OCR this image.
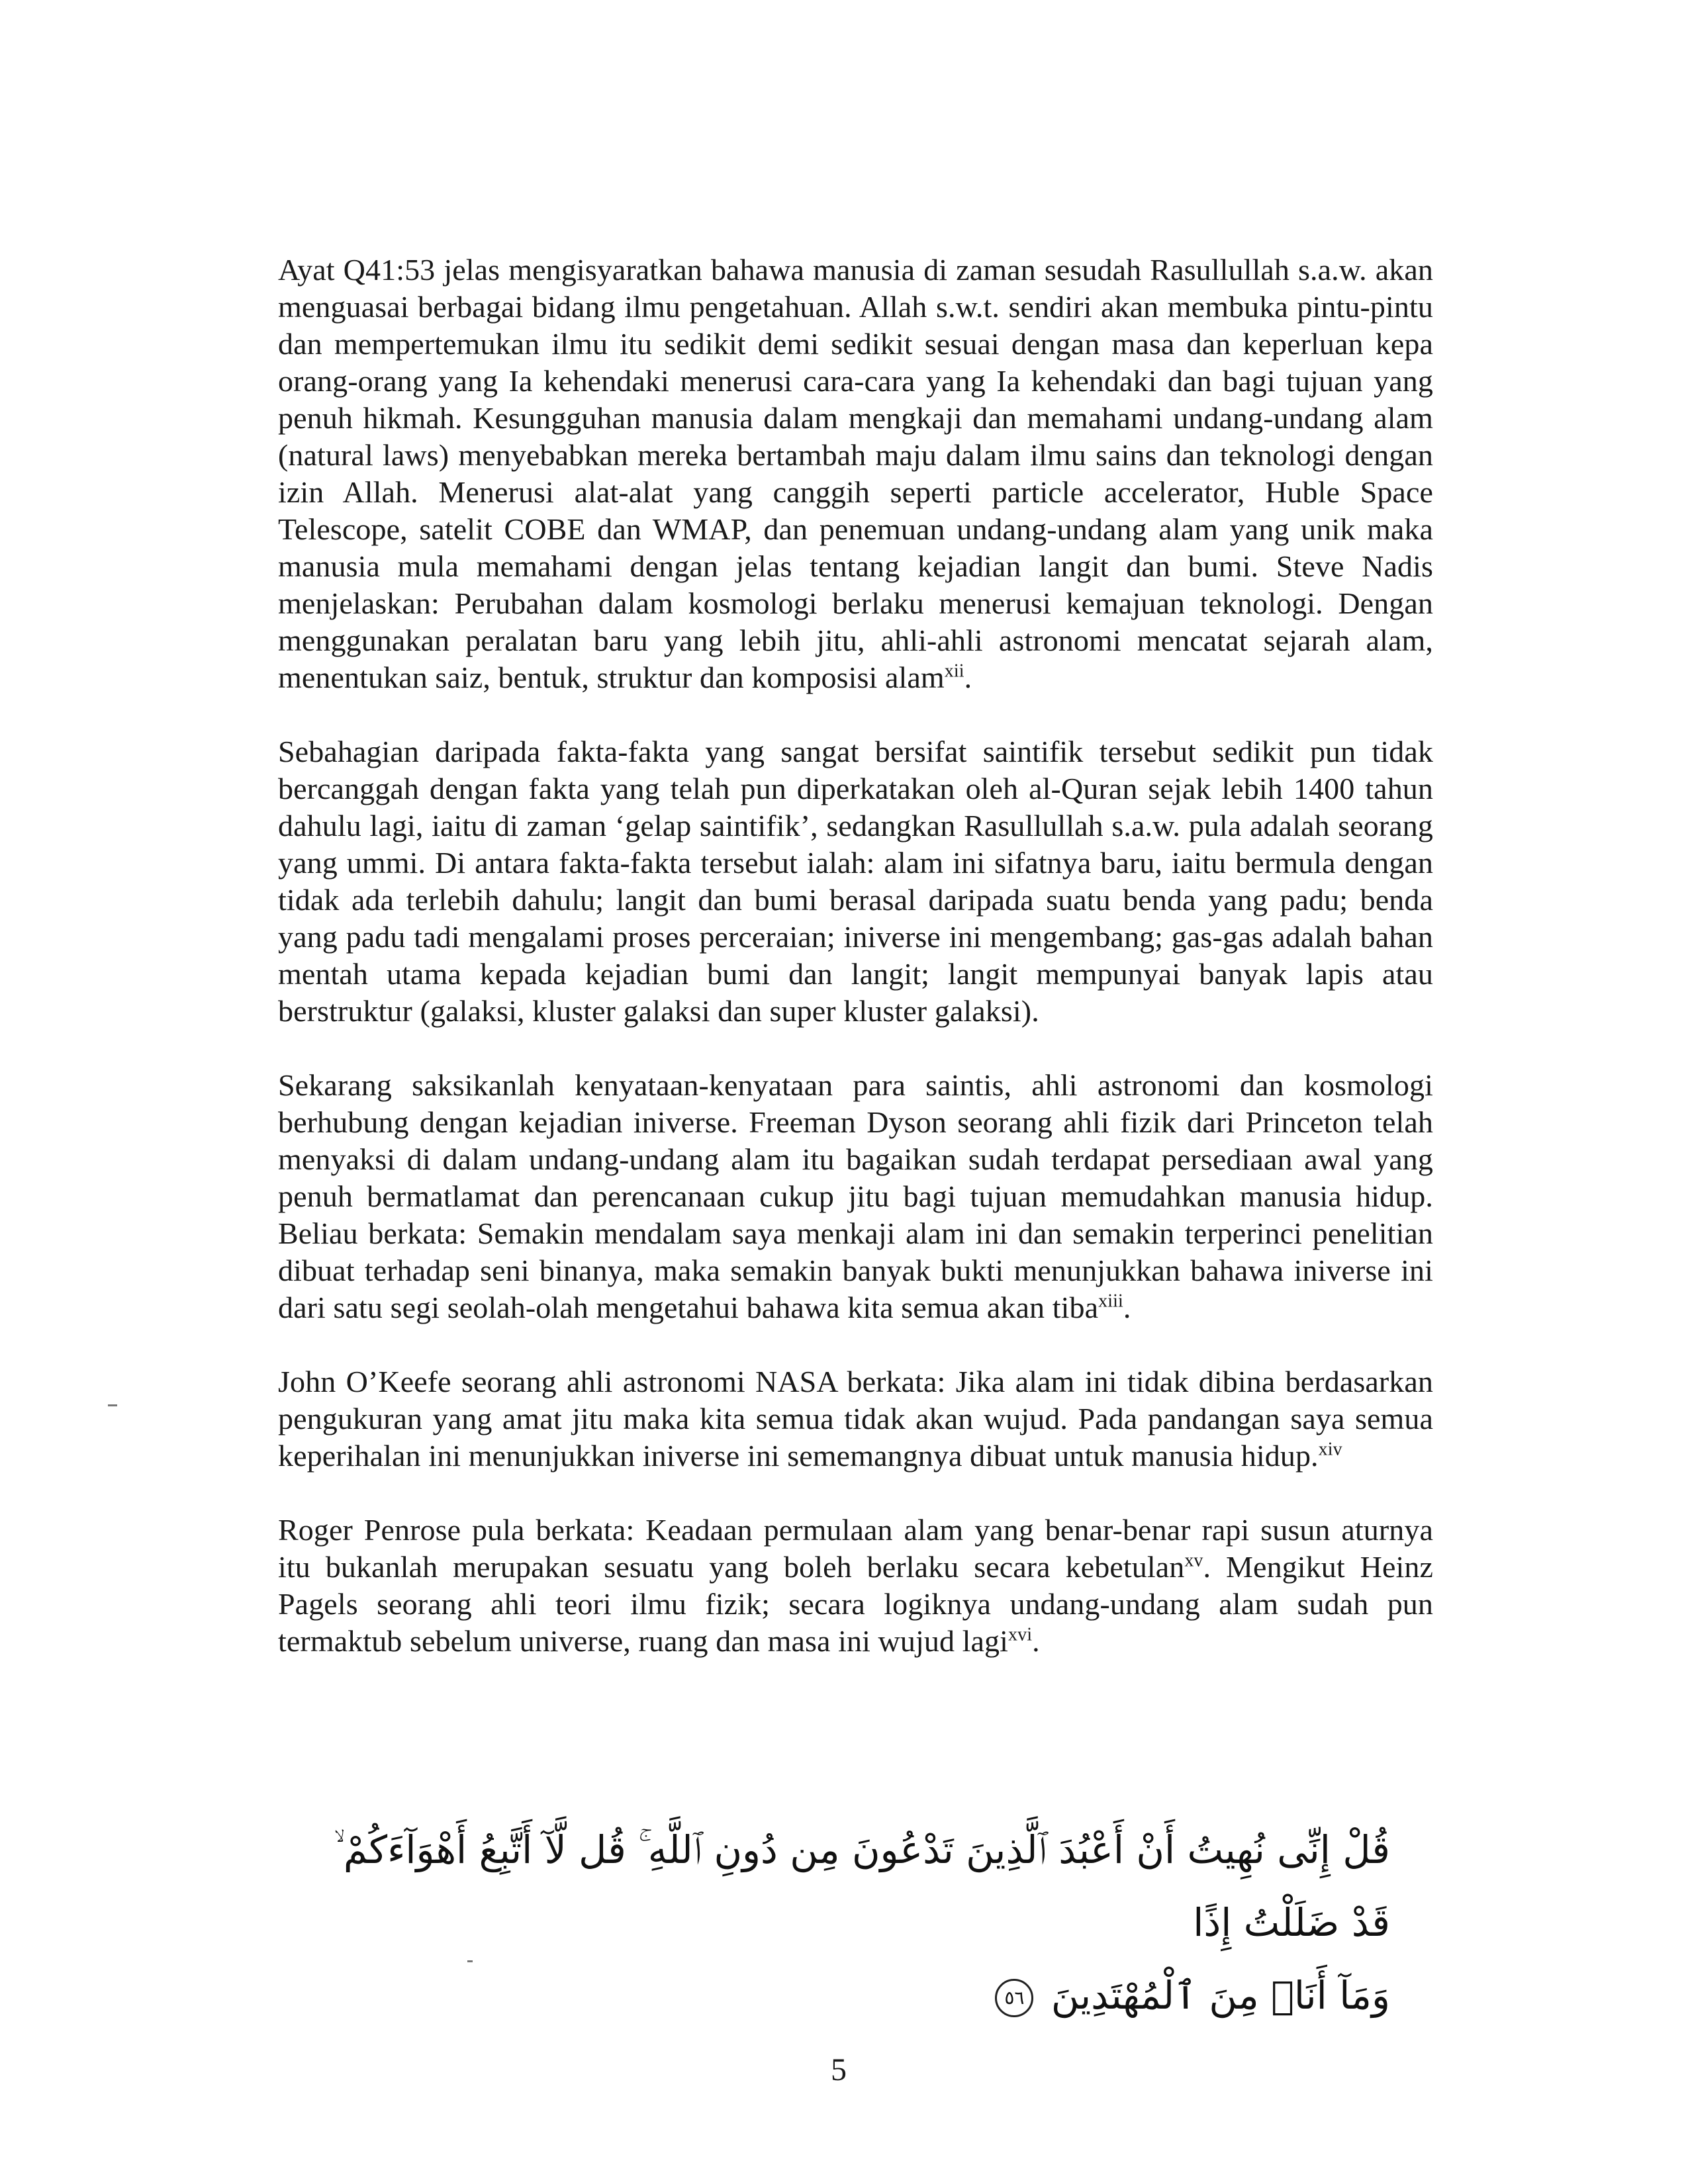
Ayat Q41:53 jelas mengisyaratkan bahawa manusia di zaman sesudah Rasullullah s.a.w. akan menguasai berbagai bidang ilmu pengetahuan. Allah s.w.t. sendiri akan membuka pintu-pintu dan mempertemukan ilmu itu sedikit demi sedikit sesuai dengan masa dan keperluan kepa orang-orang yang Ia kehendaki menerusi cara-cara yang Ia kehendaki dan bagi tujuan yang penuh hikmah. Kesungguhan manusia dalam mengkaji dan memahami undang-undang alam (natural laws) menyebabkan mereka bertambah maju dalam ilmu sains dan teknologi dengan izin Allah. Menerusi alat-alat yang canggih seperti particle accelerator, Huble Space Telescope, satelit COBE dan WMAP, dan penemuan undang-undang alam yang unik maka manusia mula memahami dengan jelas tentang kejadian langit dan bumi. Steve Nadis menjelaskan: Perubahan dalam kosmologi berlaku menerusi kemajuan teknologi. Dengan menggunakan peralatan baru yang lebih jitu, ahli-ahli astronomi mencatat sejarah alam, menentukan saiz, bentuk, struktur dan komposisi alam$^{xii}$.

Sebahagian daripada fakta-fakta yang sangat bersifat saintifik tersebut sedikit pun tidak bercanggah dengan fakta yang telah pun diperkatakan oleh al-Quran sejak lebih 1400 tahun dahulu lagi, iaitu di zaman ‘gelap saintifik’, sedangkan Rasullullah s.a.w. pula adalah seorang yang ummi. Di antara fakta-fakta tersebut ialah: alam ini sifatnya baru, iaitu bermula dengan tidak ada terlebih dahulu; langit dan bumi berasal daripada suatu benda yang padu; benda yang padu tadi mengalami proses perceraian; iniverse ini mengembang; gas-gas adalah bahan mentah utama kepada kejadian bumi dan langit; langit mempunyai banyak lapis atau berstruktur (galaksi, kluster galaksi dan super kluster galaksi).

Sekarang saksikanlah kenyataan-kenyataan para saintis, ahli astronomi dan kosmologi berhubung dengan kejadian iniverse. Freeman Dyson seorang ahli fizik dari Princeton telah menyaksi di dalam undang-undang alam itu bagaikan sudah terdapat persediaan awal yang penuh bermatlamat dan perencanaan cukup jitu bagi tujuan memudahkan manusia hidup. Beliau berkata: Semakin mendalam saya menkaji alam ini dan semakin terperinci penelitian dibuat terhadap seni binanya, maka semakin banyak bukti menunjukkan bahawa iniverse ini dari satu segi seolah-olah mengetahui bahawa kita semua akan tiba$^{xiii}$.

John O’Keefe seorang ahli astronomi NASA berkata: Jika alam ini tidak dibina berdasarkan pengukuran yang amat jitu maka kita semua tidak akan wujud. Pada pandangan saya semua keperihalan ini menunjukkan iniverse ini sememangnya dibuat untuk manusia hidup.$^{xiv}$

Roger Penrose pula berkata: Keadaan permulaan alam yang benar-benar rapi susun aturnya itu bukanlah merupakan sesuatu yang boleh berlaku secara kebetulan$^{xv}$. Mengikut Heinz Pagels seorang ahli teori ilmu fizik; secara logiknya undang-undang alam sudah pun termaktub sebelum universe, ruang dan masa ini wujud lagi$^{xvi}$.

قُلْ إِنِّى نُهِيتُ أَنْ أَعْبُدَ ٱلَّذِينَ تَدْعُونَ مِن دُونِ ٱللَّهِ ۚ قُل لَّآ أَتَّبِعُ أَهْوَآءَكُمْ ۙ قَدْ ضَلَلْتُ إِذًا
وَمَآ أَنَا۠ مِنَ ٱلْمُهْتَدِينَ ٥٦
5
